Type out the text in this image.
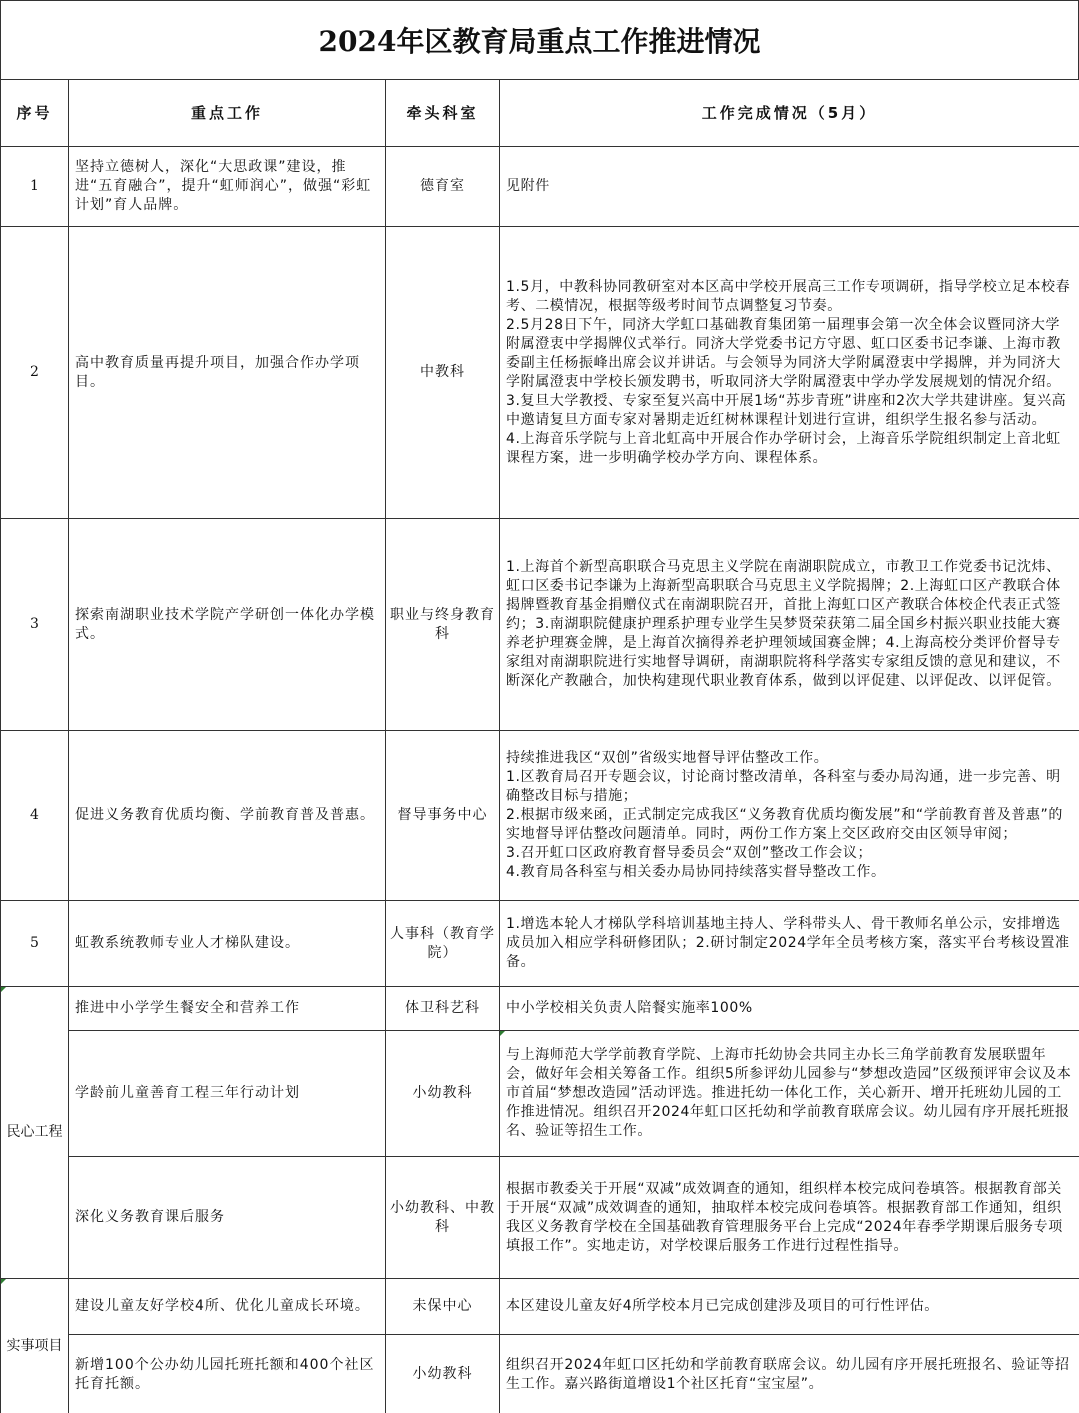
2024年区教育局重点工作推进情况
序号	重点工作	牵头科室	工作完成情况（5月）
1	坚持立德树人，深化“大思政课”建设，推进“五育融合”，提升“虹师润心”，做强“彩虹计划”育人品牌。	德育室	见附件

2	高中教育质量再提升项目，加强合作办学项目。	中教科	1.5月，中教科协同教研室对本区高中学校开展高三工作专项调研，指导学校立足本校春考、二模情况，根据等级考时间节点调整复习节奏。
2.5月28日下午，同济大学虹口基础教育集团第一届理事会第一次全体会议暨同济大学附属澄衷中学揭牌仪式举行。同济大学党委书记方守恩、虹口区委书记李谦、上海市教委副主任杨振峰出席会议并讲话。与会领导为同济大学附属澄衷中学揭牌，并为同济大学附属澄衷中学校长颁发聘书，听取同济大学附属澄衷中学办学发展规划的情况介绍。
3.复旦大学教授、专家至复兴高中开展1场“苏步青班”讲座和2次大学共建讲座。复兴高中邀请复旦方面专家对暑期走近红树林课程计划进行宣讲，组织学生报名参与活动。
4.上海音乐学院与上音北虹高中开展合作办学研讨会，上海音乐学院组织制定上音北虹课程方案，进一步明确学校办学方向、课程体系。

3	探索南湖职业技术学院产学研创一体化办学模式。	职业与终身教育科	1.上海首个新型高职联合马克思主义学院在南湖职院成立，市教卫工作党委书记沈炜、虹口区委书记李谦为上海新型高职联合马克思主义学院揭牌；2.上海虹口区产教联合体揭牌暨教育基金捐赠仪式在南湖职院召开，首批上海虹口区产教联合体校企代表正式签约；3.南湖职院健康护理系护理专业学生吴梦贤荣获第二届全国乡村振兴职业技能大赛养老护理赛金牌，是上海首次摘得养老护理领域国赛金牌；4.上海高校分类评价督导专家组对南湖职院进行实地督导调研，南湖职院将科学落实专家组反馈的意见和建议，不断深化产教融合，加快构建现代职业教育体系，做到以评促建、以评促改、以评促管。

4	促进义务教育优质均衡、学前教育普及普惠。	督导事务中心	持续推进我区“双创”省级实地督导评估整改工作。
1.区教育局召开专题会议，讨论商讨整改清单，各科室与委办局沟通，进一步完善、明确整改目标与措施；
2.根据市级来函，正式制定完成我区“义务教育优质均衡发展”和“学前教育普及普惠”的实地督导评估整改问题清单。同时，两份工作方案上交区政府交由区领导审阅；
3.召开虹口区政府教育督导委员会“双创”整改工作会议；
4.教育局各科室与相关委办局协同持续落实督导整改工作。

5	虹教系统教师专业人才梯队建设。	人事科（教育学院）	1.增选本轮人才梯队学科培训基地主持人、学科带头人、骨干教师名单公示，安排增选成员加入相应学科研修团队；2.研讨制定2024学年全员考核方案，落实平台考核设置准备。

民心工程	推进中小学学生餐安全和营养工作	体卫科艺科	中小学校相关负责人陪餐实施率100%

	学龄前儿童善育工程三年行动计划	小幼教科	与上海师范大学学前教育学院、上海市托幼协会共同主办长三角学前教育发展联盟年会，做好年会相关筹备工作。组织5所参评幼儿园参与“梦想改造园”区级预评审会议及本市首届“梦想改造园”活动评选。推进托幼一体化工作，关心新开、增开托班幼儿园的工作推进情况。组织召开2024年虹口区托幼和学前教育联席会议。幼儿园有序开展托班报名、验证等招生工作。

	深化义务教育课后服务	小幼教科、中教科	根据市教委关于开展“双减”成效调查的通知，组织样本校完成问卷填答。根据教育部关于开展“双减”成效调查的通知，抽取样本校完成问卷填答。根据教育部工作通知，组织我区义务教育学校在全国基础教育管理服务平台上完成“2024年春季学期课后服务专项填报工作”。实地走访，对学校课后服务工作进行过程性指导。

实事项目	建设儿童友好学校4所、优化儿童成长环境。	未保中心	本区建设儿童友好4所学校本月已完成创建涉及项目的可行性评估。

	新增100个公办幼儿园托班托额和400个社区托育托额。	小幼教科	组织召开2024年虹口区托幼和学前教育联席会议。幼儿园有序开展托班报名、验证等招生工作。嘉兴路街道增设1个社区托育“宝宝屋”。
